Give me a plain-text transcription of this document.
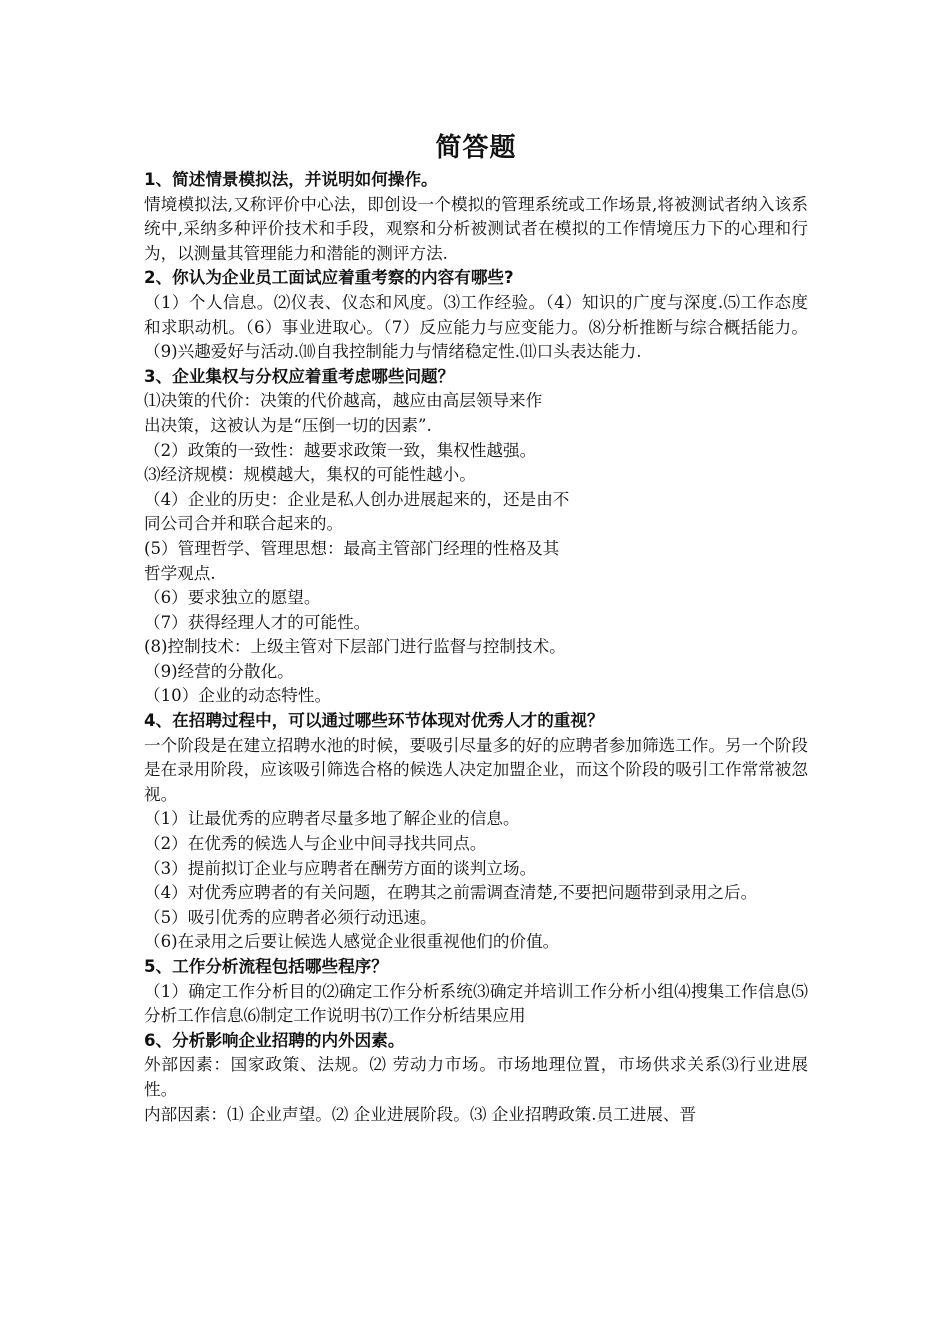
简答题
1、简述情景模拟法，并说明如何操作。
情境模拟法,又称评价中心法，即创设一个模拟的管理系统或工作场景,将被测试者纳入该系统中,采纳多种评价技术和手段，观察和分析被测试者在模拟的工作情境压力下的心理和行为，以测量其管理能力和潜能的测评方法.
2、你认为企业员工面试应着重考察的内容有哪些?
（1）个人信息。⑵仪表、仪态和风度。⑶工作经验。（4）知识的广度与深度.⑸工作态度和求职动机。（6）事业进取心。（7）反应能力与应变能力。⑻分析推断与综合概括能力。（9)兴趣爱好与活动.⑽自我控制能力与情绪稳定性.⑾口头表达能力.
3、企业集权与分权应着重考虑哪些问题？
⑴决策的代价：决策的代价越高，越应由高层领导来作
出决策，这被认为是“压倒一切的因素”.
（2）政策的一致性：越要求政策一致，集权性越强。
⑶经济规模：规模越大，集权的可能性越小。
（4）企业的历史：企业是私人创办进展起来的，还是由不
同公司合并和联合起来的。
(5）管理哲学、管理思想：最高主管部门经理的性格及其
哲学观点.
（6）要求独立的愿望。
（7）获得经理人才的可能性。
(8)控制技术：上级主管对下层部门进行监督与控制技术。
（9)经营的分散化。
（10）企业的动态特性。
4、在招聘过程中，可以通过哪些环节体现对优秀人才的重视？
一个阶段是在建立招聘水池的时候，要吸引尽量多的好的应聘者参加筛选工作。另一个阶段是在录用阶段，应该吸引筛选合格的候选人决定加盟企业，而这个阶段的吸引工作常常被忽视。
（1）让最优秀的应聘者尽量多地了解企业的信息。
（2）在优秀的候选人与企业中间寻找共同点。
（3）提前拟订企业与应聘者在酬劳方面的谈判立场。
（4）对优秀应聘者的有关问题，在聘其之前需调查清楚,不要把问题带到录用之后。
（5）吸引优秀的应聘者必须行动迅速。
（6)在录用之后要让候选人感觉企业很重视他们的价值。
5、工作分析流程包括哪些程序？
（1）确定工作分析目的⑵确定工作分析系统⑶确定并培训工作分析小组⑷搜集工作信息⑸分析工作信息⑹制定工作说明书⑺工作分析结果应用
6、分析影响企业招聘的内外因素。
外部因素：国家政策、法规。⑵ 劳动力市场。市场地理位置，市场供求关系⑶行业进展性。
内部因素：⑴ 企业声望。⑵ 企业进展阶段。⑶ 企业招聘政策.员工进展、晋
